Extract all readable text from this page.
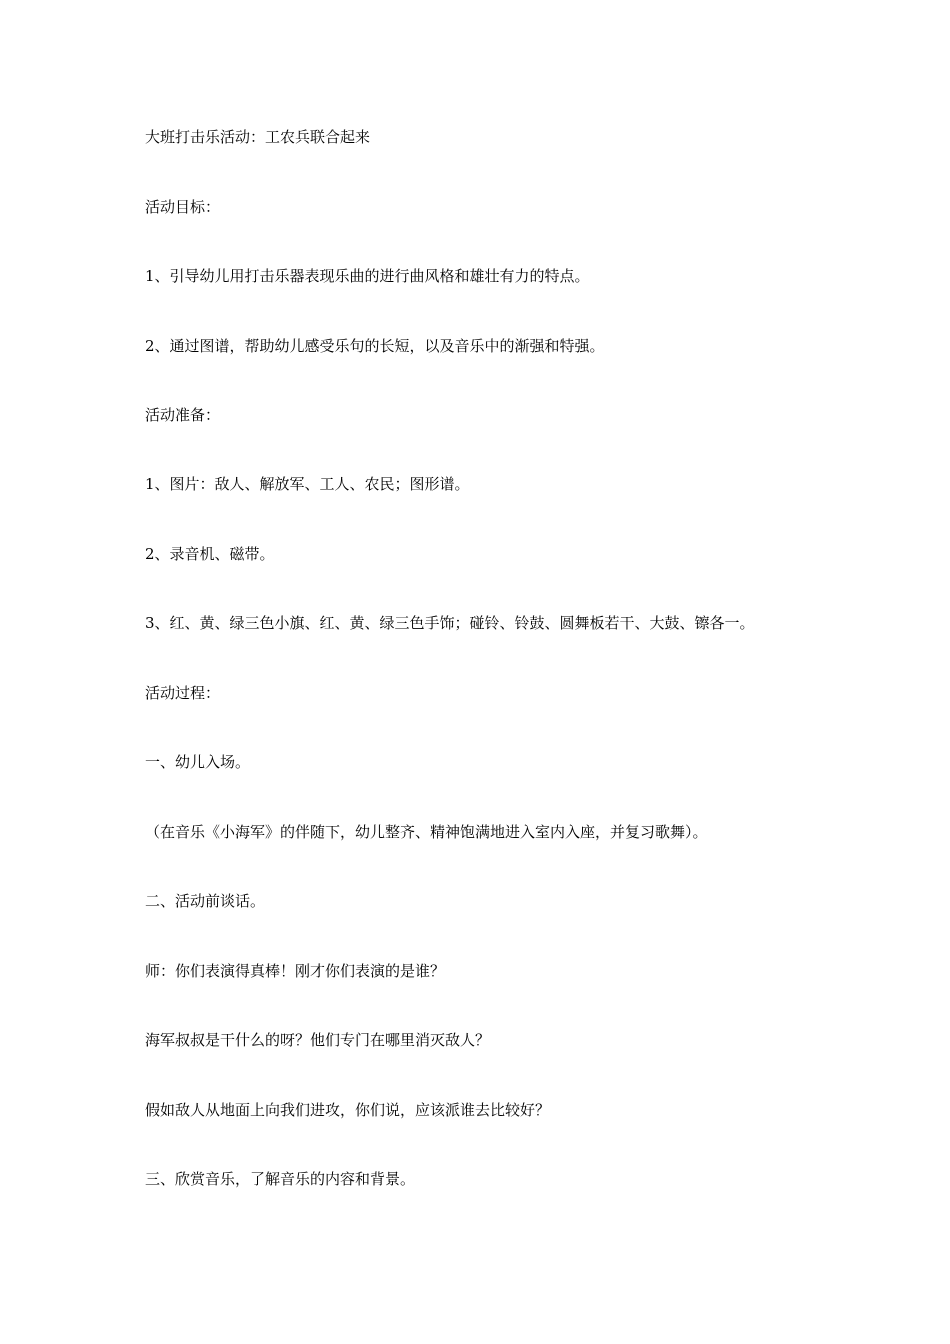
大班打击乐活动：工农兵联合起来

活动目标：

1、引导幼儿用打击乐器表现乐曲的进行曲风格和雄壮有力的特点。

2、通过图谱，帮助幼儿感受乐句的长短，以及音乐中的渐强和特强。

活动准备：

1、图片：敌人、解放军、工人、农民；图形谱。

2、录音机、磁带。

3、红、黄、绿三色小旗、红、黄、绿三色手饰；碰铃、铃鼓、圆舞板若干、大鼓、镲各一。

活动过程：

一、幼儿入场。

（在音乐《小海军》的伴随下，幼儿整齐、精神饱满地进入室内入座，并复习歌舞）。

二、活动前谈话。

师：你们表演得真棒！刚才你们表演的是谁？

海军叔叔是干什么的呀？他们专门在哪里消灭敌人？

假如敌人从地面上向我们进攻，你们说，应该派谁去比较好？

三、欣赏音乐，了解音乐的内容和背景。
